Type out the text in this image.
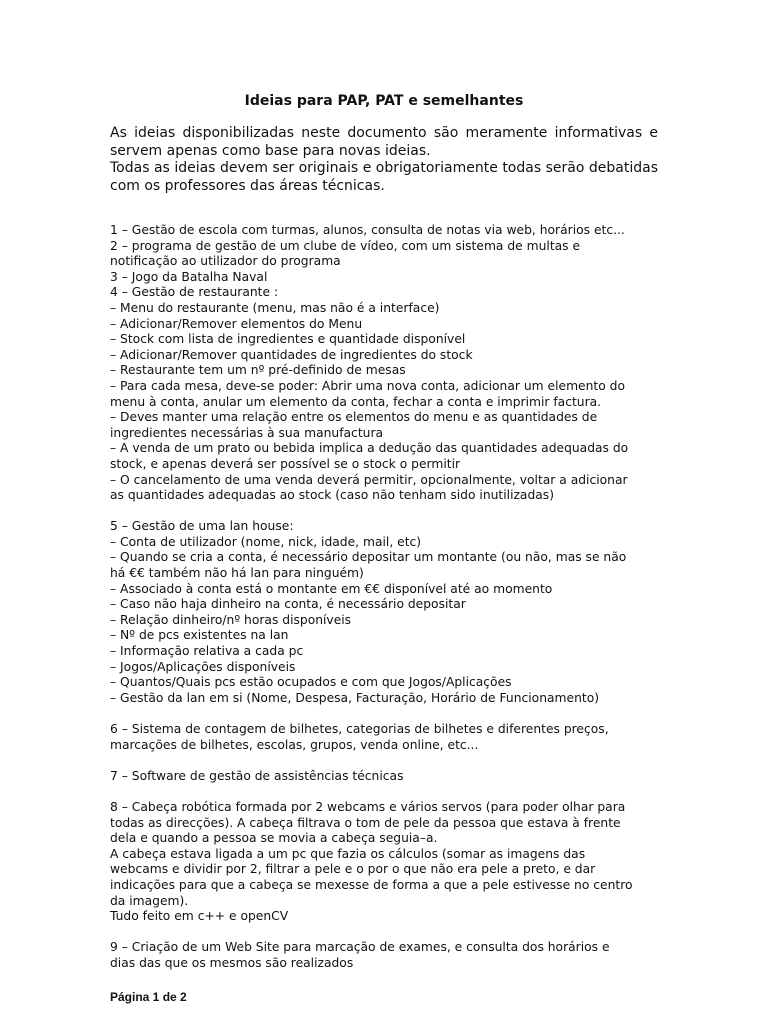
Ideias para PAP, PAT e semelhantes

As ideias disponibilizadas neste documento são meramente informativas e servem apenas como base para novas ideias.

Todas as ideias devem ser originais e obrigatoriamente todas serão debatidas com os professores das áreas técnicas.

1 – Gestão de escola com turmas, alunos, consulta de notas via web, horários etc...
2 – programa de gestão de um clube de vídeo, com um sistema de multas e
notificação ao utilizador do programa
3 – Jogo da Batalha Naval
4 – Gestão de restaurante :
– Menu do restaurante (menu, mas não é a interface)
– Adicionar/Remover elementos do Menu
– Stock com lista de ingredientes e quantidade disponível
– Adicionar/Remover quantidades de ingredientes do stock
– Restaurante tem um nº pré-definido de mesas
– Para cada mesa, deve-se poder: Abrir uma nova conta, adicionar um elemento do
menu à conta, anular um elemento da conta, fechar a conta e imprimir factura.
– Deves manter uma relação entre os elementos do menu e as quantidades de
ingredientes necessárias à sua manufactura
– A venda de um prato ou bebida implica a dedução das quantidades adequadas do
stock, e apenas deverá ser possível se o stock o permitir
– O cancelamento de uma venda deverá permitir, opcionalmente, voltar a adicionar
as quantidades adequadas ao stock (caso não tenham sido inutilizadas)
5 – Gestão de uma lan house:
– Conta de utilizador (nome, nick, idade, mail, etc)
– Quando se cria a conta, é necessário depositar um montante (ou não, mas se não
há €€ também não há lan para ninguém)
– Associado à conta está o montante em €€ disponível até ao momento
– Caso não haja dinheiro na conta, é necessário depositar
– Relação dinheiro/nº horas disponíveis
– Nº de pcs existentes na lan
– Informação relativa a cada pc
– Jogos/Aplicações disponíveis
– Quantos/Quais pcs estão ocupados e com que Jogos/Aplicações
– Gestão da lan em si (Nome, Despesa, Facturação, Horário de Funcionamento)
6 – Sistema de contagem de bilhetes, categorias de bilhetes e diferentes preços,
marcações de bilhetes, escolas, grupos, venda online, etc...
7 – Software de gestão de assistências técnicas
8 – Cabeça robótica formada por 2 webcams e vários servos (para poder olhar para
todas as direcções). A cabeça filtrava o tom de pele da pessoa que estava à frente
dela e quando a pessoa se movia a cabeça seguia–a.
A cabeça estava ligada a um pc que fazia os cálculos (somar as imagens das
webcams e dividir por 2, filtrar a pele e o por o que não era pele a preto, e dar
indicações para que a cabeça se mexesse de forma a que a pele estivesse no centro
da imagem).
Tudo feito em c++ e openCV
9 – Criação de um Web Site para marcação de exames, e consulta dos horários e
dias das que os mesmos são realizados
Página 1 de 2
